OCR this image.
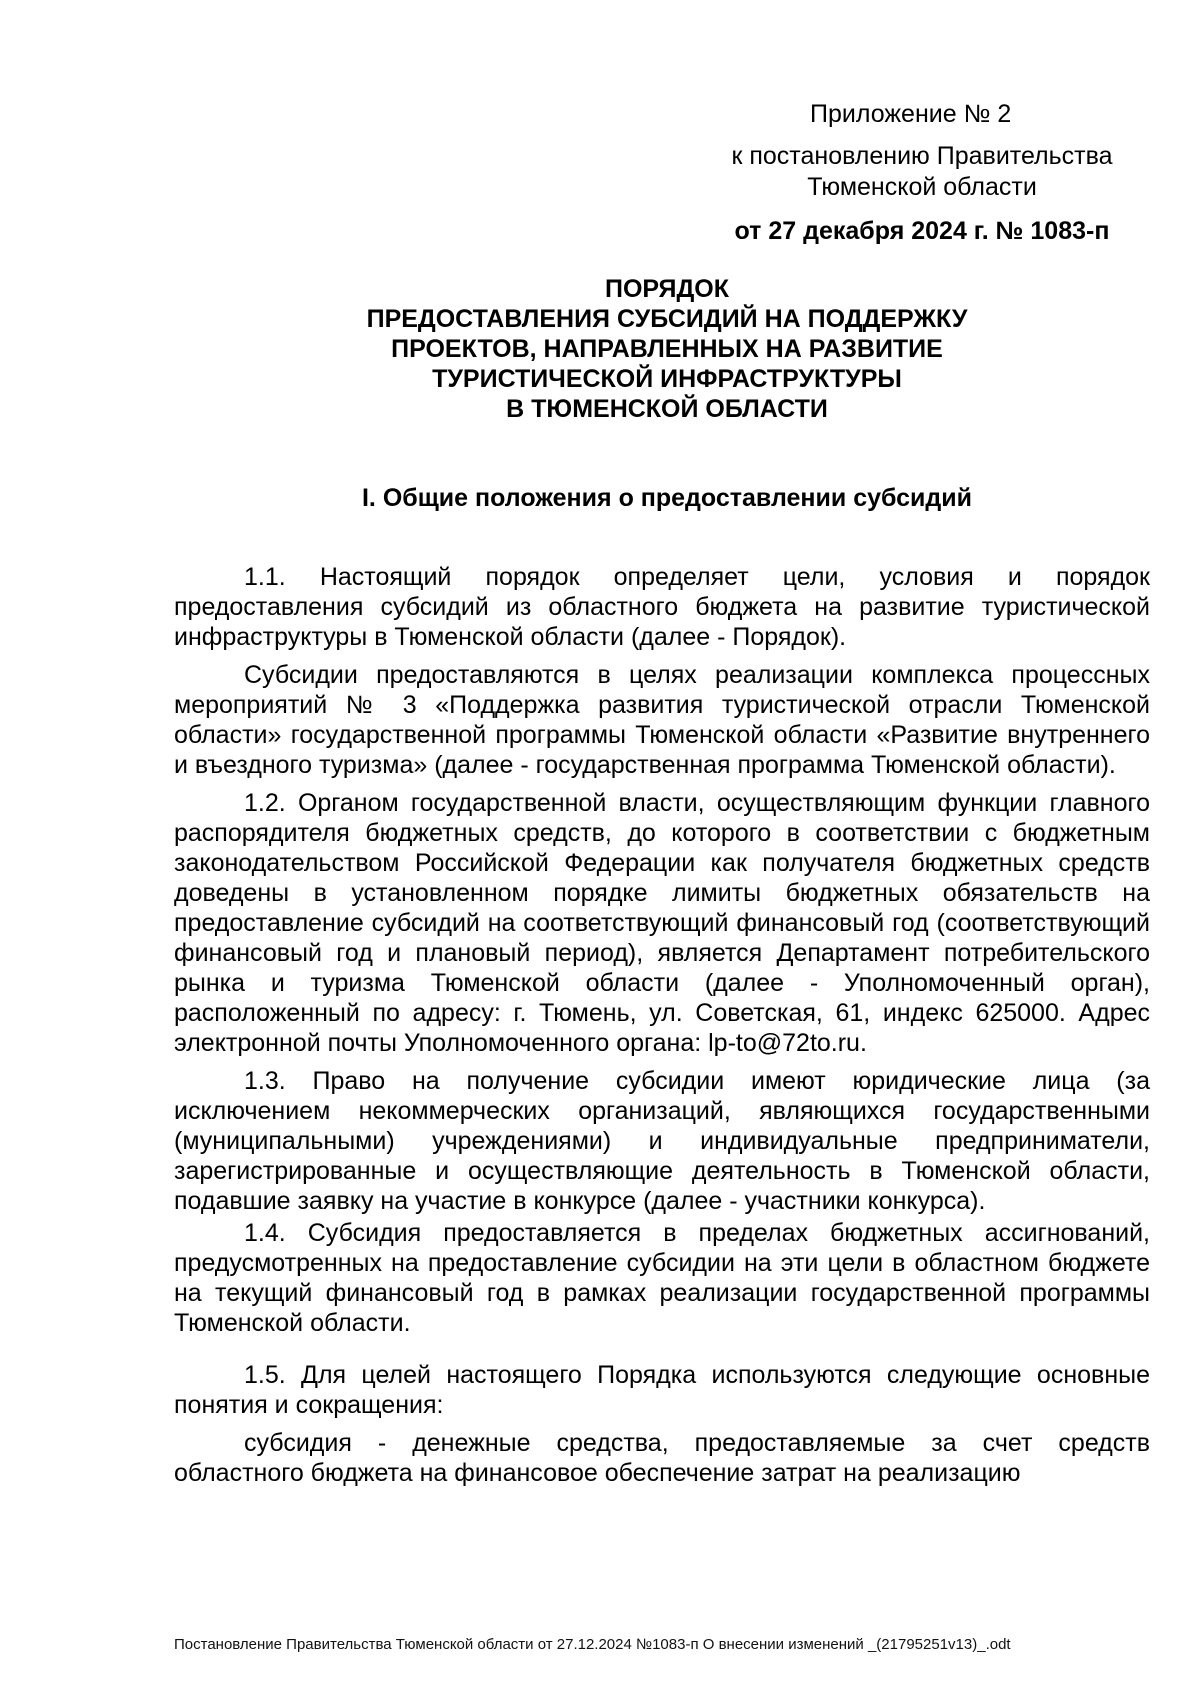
Приложение № 2
к постановлению Правительства
Тюменской области
от 27 декабря 2024 г. № 1083-п
ПОРЯДОК
ПРЕДОСТАВЛЕНИЯ СУБСИДИЙ НА ПОДДЕРЖКУ
ПРОЕКТОВ, НАПРАВЛЕННЫХ НА РАЗВИТИЕ
ТУРИСТИЧЕСКОЙ ИНФРАСТРУКТУРЫ
В ТЮМЕНСКОЙ ОБЛАСТИ
I. Общие положения о предоставлении субсидий

1.1. Настоящий порядок определяет цели, условия и порядок предоставления субсидий из областного бюджета на развитие туристической инфраструктуры в Тюменской области (далее - Порядок).

Субсидии предоставляются в целях реализации комплекса процессных мероприятий № 3 «Поддержка развития туристической отрасли Тюменской области» государственной программы Тюменской области «Развитие внутреннего и въездного туризма» (далее - государственная программа Тюменской области).

1.2. Органом государственной власти, осуществляющим функции главного распорядителя бюджетных средств, до которого в соответствии с бюджетным законодательством Российской Федерации как получателя бюджетных средств доведены в установленном порядке лимиты бюджетных обязательств на предоставление субсидий на соответствующий финансовый год (соответствующий финансовый год и плановый период), является Департамент потребительского рынка и туризма Тюменской области (далее - Уполномоченный орган), расположенный по адресу: г. Тюмень, ул. Советская, 61, индекс 625000. Адрес электронной почты Уполномоченного органа: lp-to@72to.ru.

1.3. Право на получение субсидии имеют юридические лица (за исключением некоммерческих организаций, являющихся государственными (муниципальными) учреждениями) и индивидуальные предприниматели, зарегистрированные и осуществляющие деятельность в Тюменской области, подавшие заявку на участие в конкурсе (далее - участники конкурса).

1.4. Субсидия предоставляется в пределах бюджетных ассигнований, предусмотренных на предоставление субсидии на эти цели в областном бюджете на текущий финансовый год в рамках реализации государственной программы Тюменской области.

1.5. Для целей настоящего Порядка используются следующие основные понятия и сокращения:

субсидия - денежные средства, предоставляемые за счет средств областного бюджета на финансовое обеспечение затрат на реализацию

Постановление Правительства Тюменской области от 27.12.2024 №1083-п О внесении изменений _(21795251v13)_.odt
